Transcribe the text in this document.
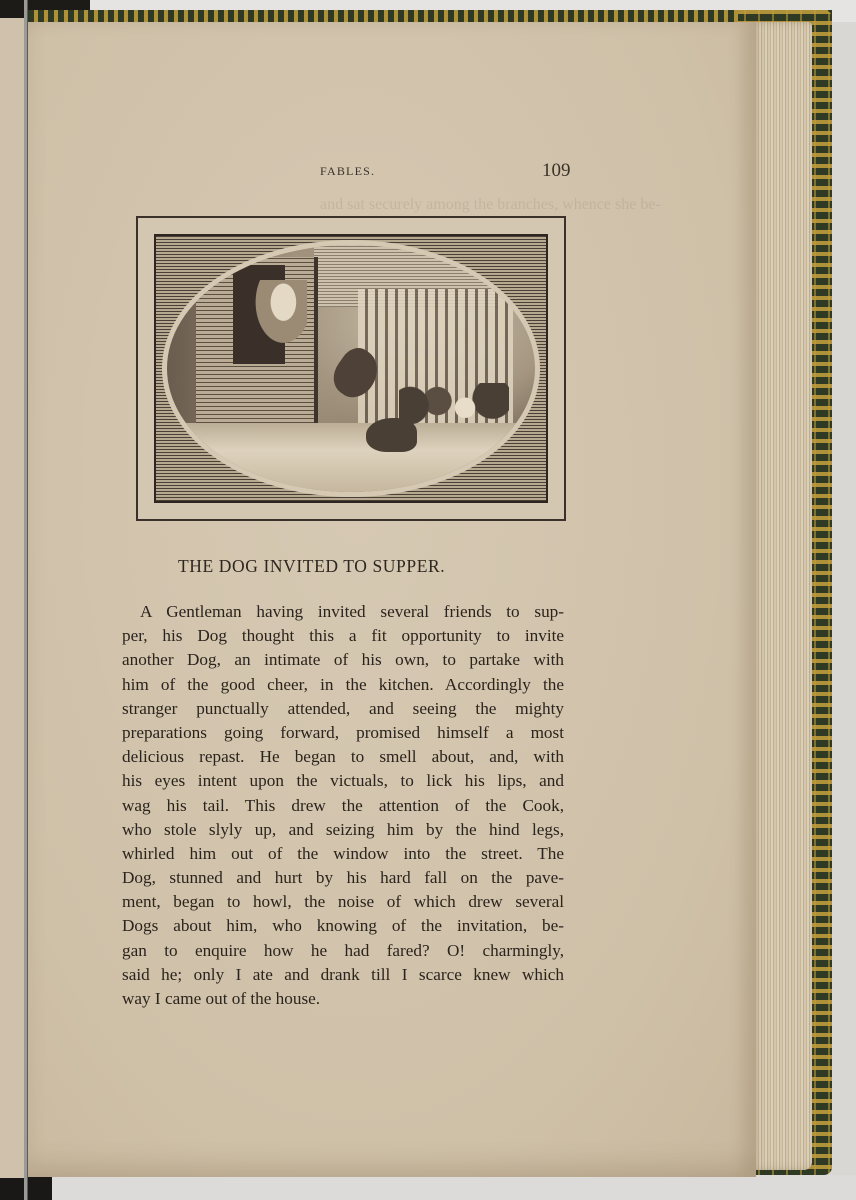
and sat securely among the branches, whence she be-
FABLES.	109
THE DOG INVITED TO SUPPER.
A Gentleman having invited several friends to sup-
per, his Dog thought this a fit opportunity to invite
another Dog, an intimate of his own, to partake with
him of the good cheer, in the kitchen. Accordingly the
stranger punctually attended, and seeing the mighty
preparations going forward, promised himself a most
delicious repast. He began to smell about, and, with
his eyes intent upon the victuals, to lick his lips, and
wag his tail. This drew the attention of the Cook,
who stole slyly up, and seizing him by the hind legs,
whirled him out of the window into the street. The
Dog, stunned and hurt by his hard fall on the pave-
ment, began to howl, the noise of which drew several
Dogs about him, who knowing of the invitation, be-
gan to enquire how he had fared? O! charmingly,
said he; only I ate and drank till I scarce knew which
way I came out of the house.
